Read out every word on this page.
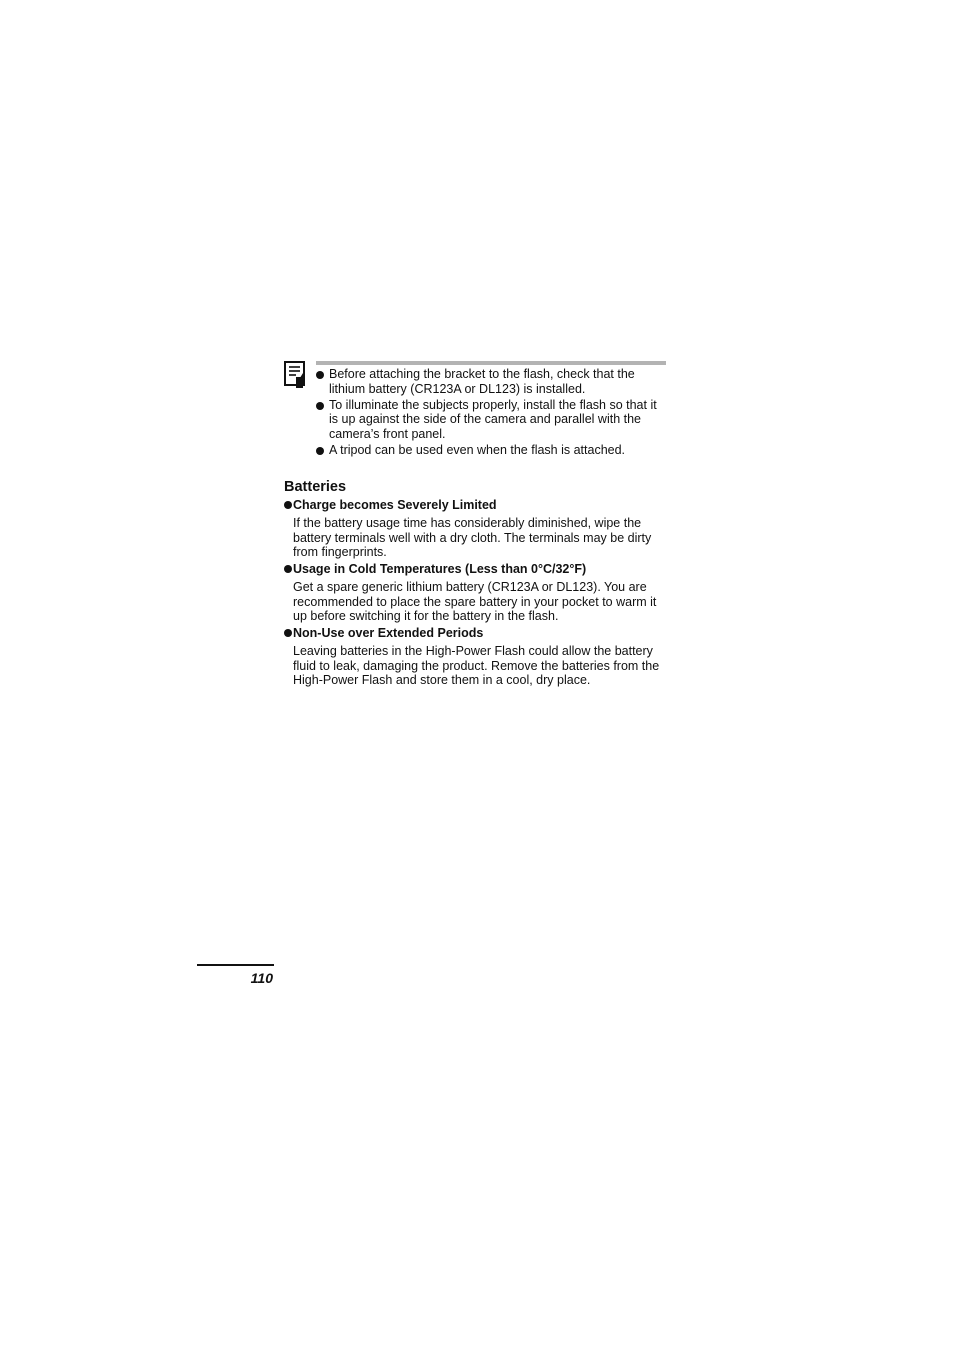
Before attaching the bracket to the flash, check that the lithium battery (CR123A or DL123) is installed.
To illuminate the subjects properly, install the flash so that it is up against the side of the camera and parallel with the camera’s front panel.
A tripod can be used even when the flash is attached.
Batteries
Charge becomes Severely Limited

If the battery usage time has considerably diminished, wipe the battery terminals well with a dry cloth. The terminals may be dirty from fingerprints.

Usage in Cold Temperatures (Less than 0°C/32°F)

Get a spare generic lithium battery (CR123A or DL123). You are recommended to place the spare battery in your pocket to warm it up before switching it for the battery in the flash.

Non-Use over Extended Periods

Leaving batteries in the High-Power Flash could allow the battery fluid to leak, damaging the product. Remove the batteries from the High-Power Flash and store them in a cool, dry place.

110
